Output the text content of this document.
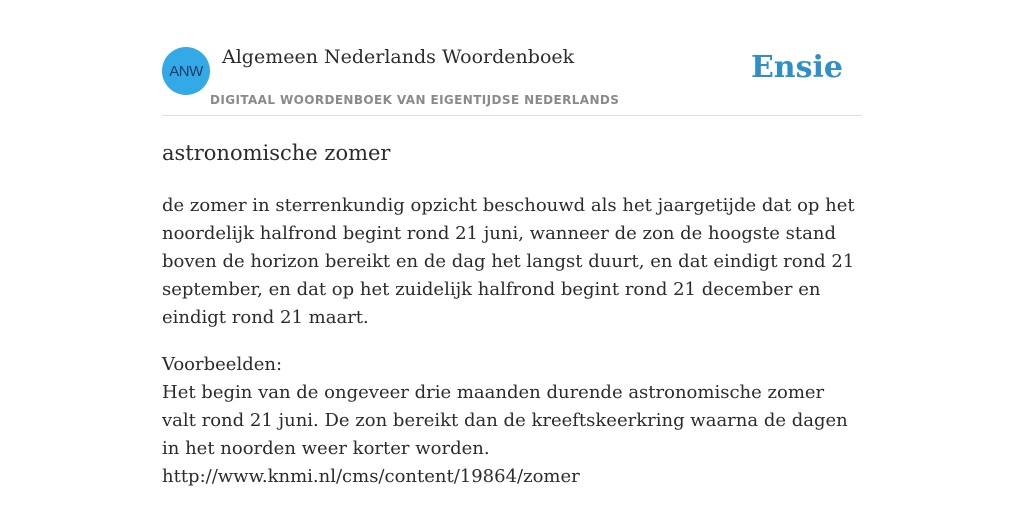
ANW
Algemeen Nederlands Woordenboek
DIGITAAL WOORDENBOEK VAN EIGENTIJDSE NEDERLANDS
Ensie
astronomische zomer

de zomer in sterrenkundig opzicht beschouwd als het jaargetijde dat op het noordelijk halfrond begint rond 21 juni, wanneer de zon de hoogste stand boven de horizon bereikt en de dag het langst duurt, en dat eindigt rond 21 september, en dat op het zuidelijk halfrond begint rond 21 december en eindigt rond 21 maart.

Voorbeelden:
Het begin van de ongeveer drie maanden durende astronomische zomer valt rond 21 juni. De zon bereikt dan de kreeftskeerkring waarna de dagen in het noorden weer korter worden.
http://www.knmi.nl/cms/content/19864/zomer
